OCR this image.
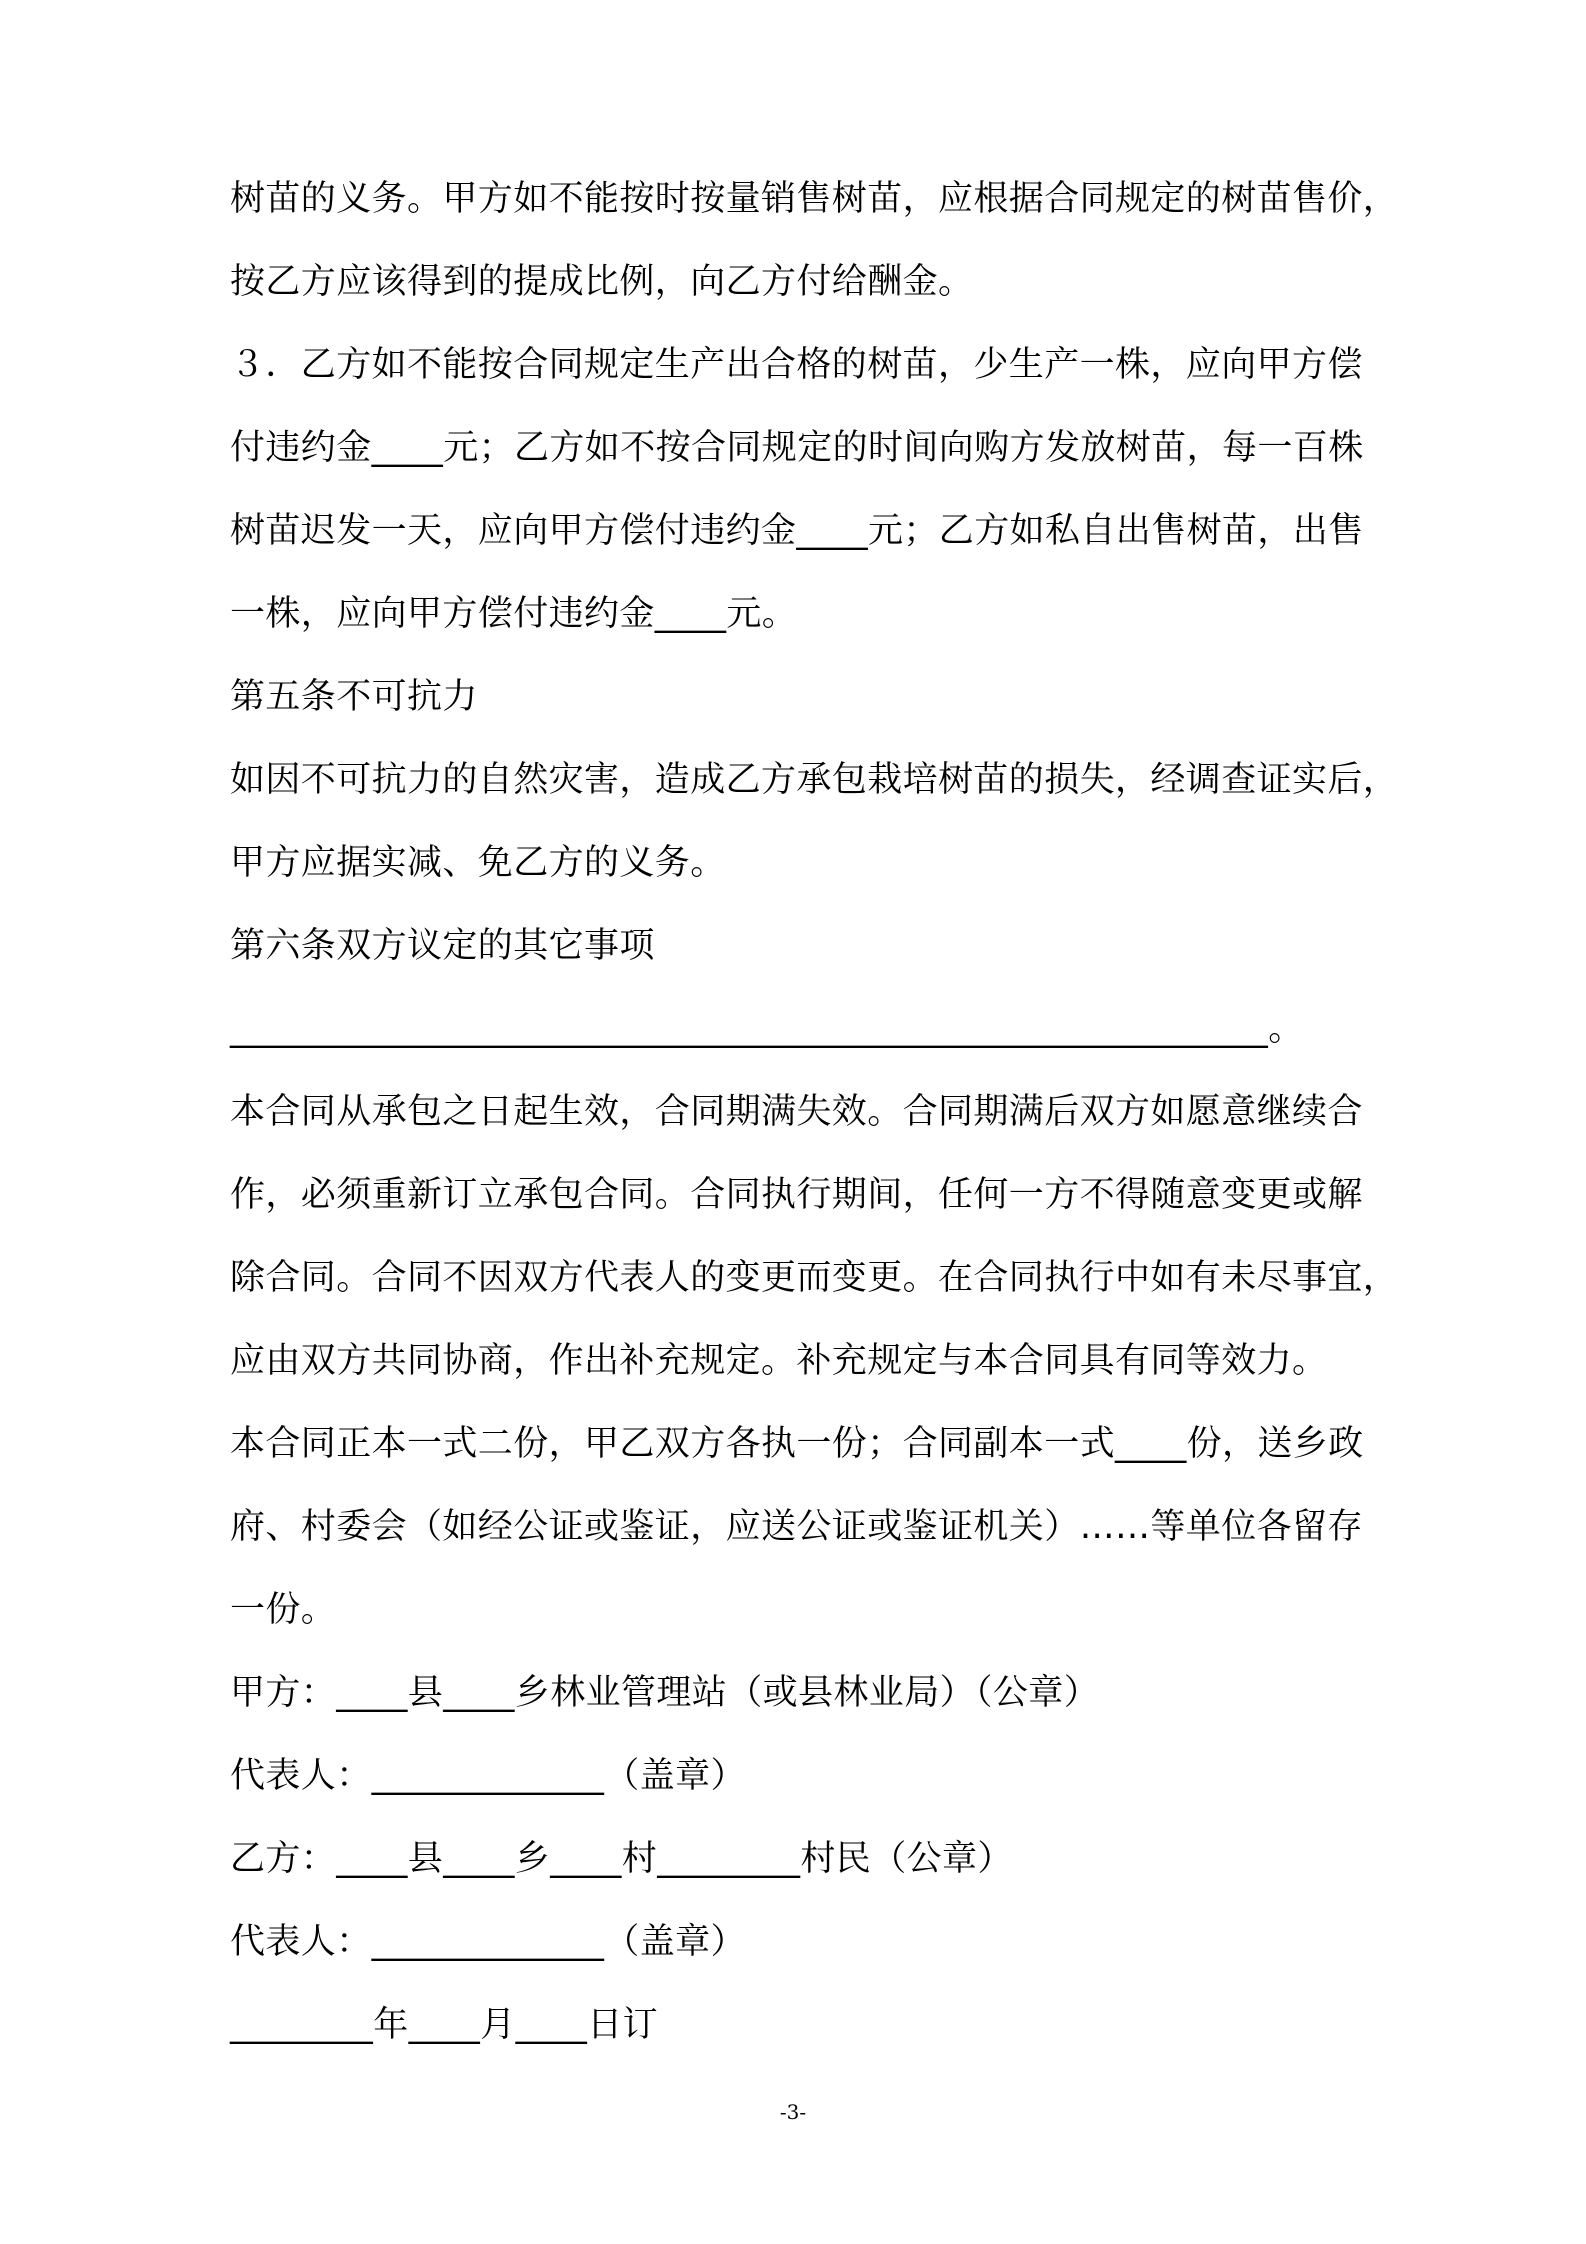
树苗的义务。甲方如不能按时按量销售树苗，应根据合同规定的树苗售价，
按乙方应该得到的提成比例，向乙方付给酬金。
３．乙方如不能按合同规定生产出合格的树苗，少生产一株，应向甲方偿
付违约金____元；乙方如不按合同规定的时间向购方发放树苗，每一百株
树苗迟发一天，应向甲方偿付违约金____元；乙方如私自出售树苗，出售
一株，应向甲方偿付违约金____元。
第五条不可抗力
如因不可抗力的自然灾害，造成乙方承包栽培树苗的损失，经调查证实后，
甲方应据实减、免乙方的义务。
第六条双方议定的其它事项
__________________________________________________________。
本合同从承包之日起生效，合同期满失效。合同期满后双方如愿意继续合
作，必须重新订立承包合同。合同执行期间，任何一方不得随意变更或解
除合同。合同不因双方代表人的变更而变更。在合同执行中如有未尽事宜，
应由双方共同协商，作出补充规定。补充规定与本合同具有同等效力。
本合同正本一式二份，甲乙双方各执一份；合同副本一式____份，送乡政
府、村委会（如经公证或鉴证，应送公证或鉴证机关）……等单位各留存
一份。
甲方：____县____乡林业管理站（或县林业局）（公章）
代表人：_____________（盖章）
乙方：____县____乡____村________村民（公章）
代表人：_____________（盖章）
________年____月____日订
-3-
